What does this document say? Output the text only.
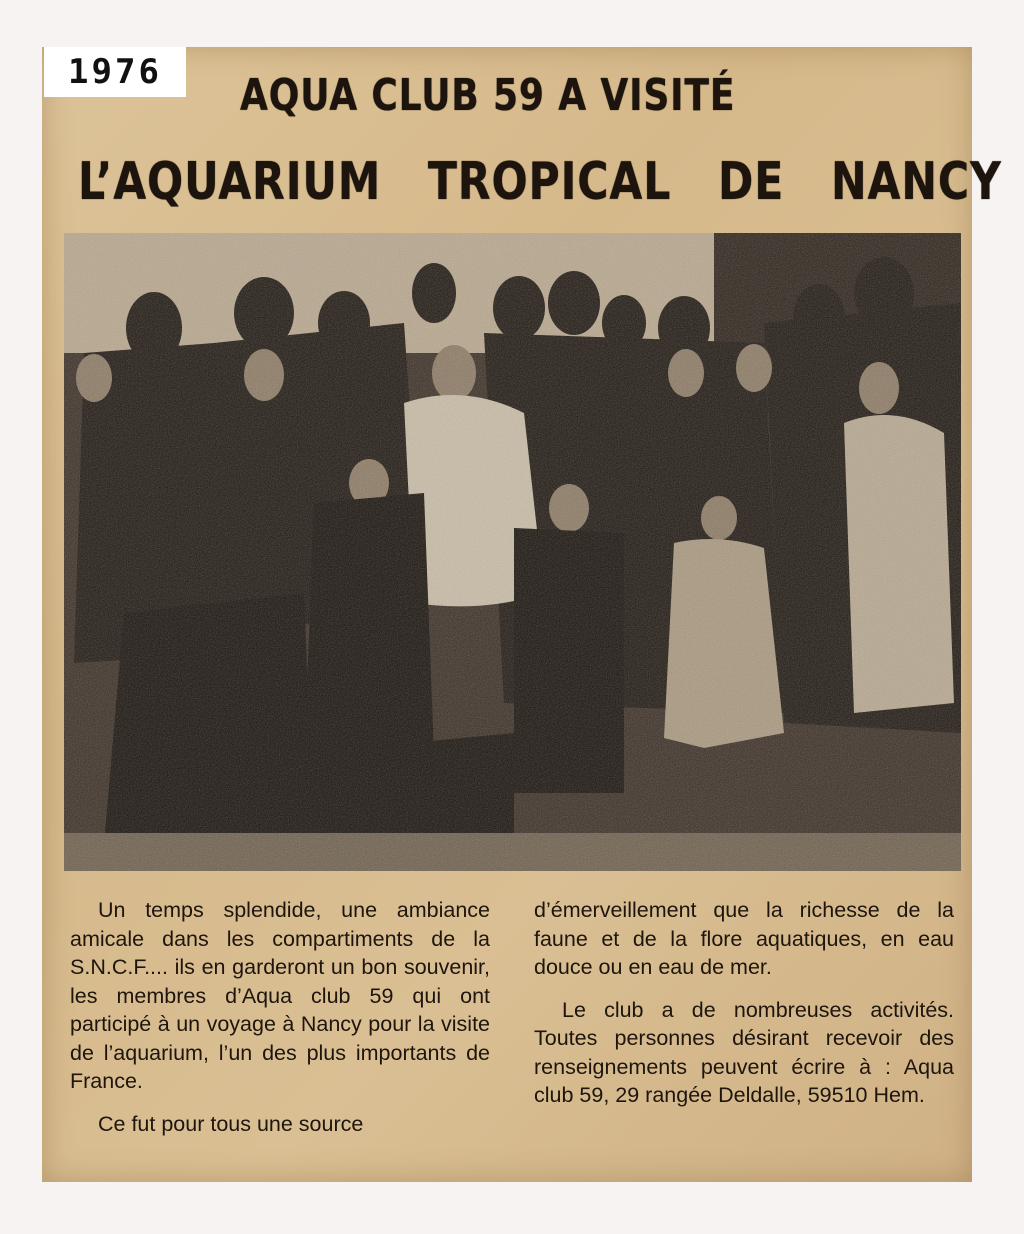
1976	AQUA CLUB 59 A VISITÉ
L’AQUARIUM TROPICAL DE NANCY

Un temps splendide, une ambiance amicale dans les compartiments de la S.N.C.F.... ils en garderont un bon souvenir, les membres d’Aqua club 59 qui ont participé à un voyage à Nancy pour la visite de l’aquarium, l’un des plus importants de France.

Ce fut pour tous une source

d’émerveillement que la richesse de la faune et de la flore aquatiques, en eau douce ou en eau de mer.

Le club a de nombreuses activités. Toutes personnes désirant recevoir des renseignements peuvent écrire à : Aqua club 59, 29 rangée Deldalle, 59510 Hem.
